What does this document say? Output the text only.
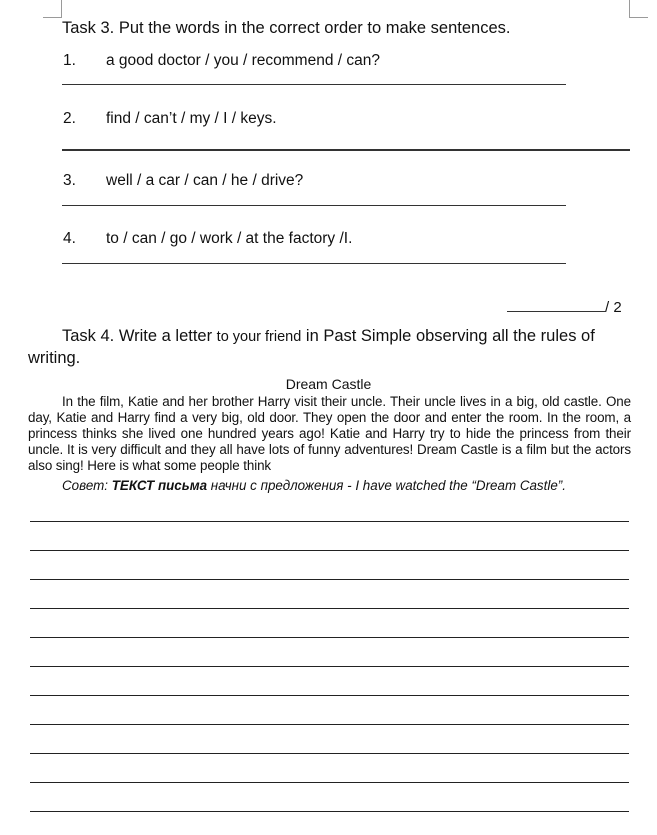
Task 3. Put the words in the correct order to make sentences.
1. a good doctor / you / recommend / can?
2. find / can’t / my / I / keys.
3. well / a car / can / he / drive?
4. to / can / go / work / at the factory /I.
/ 2
Task 4. Write a letter to your friend in Past Simple observing all the rules of writing.
Dream Castle
In the film, Katie and her brother Harry visit their uncle. Their uncle lives in a big, old castle. One day, Katie and Harry find a very big, old door. They open the door and enter the room. In the room, a princess thinks she lived one hundred years ago! Katie and Harry try to hide the princess from their uncle. It is very difficult and they all have lots of funny adventures! Dream Castle is a film but the actors also sing! Here is what some people think
Совет: ТЕКСТ письма начни с предложения - I have watched the “Dream Castle”.
